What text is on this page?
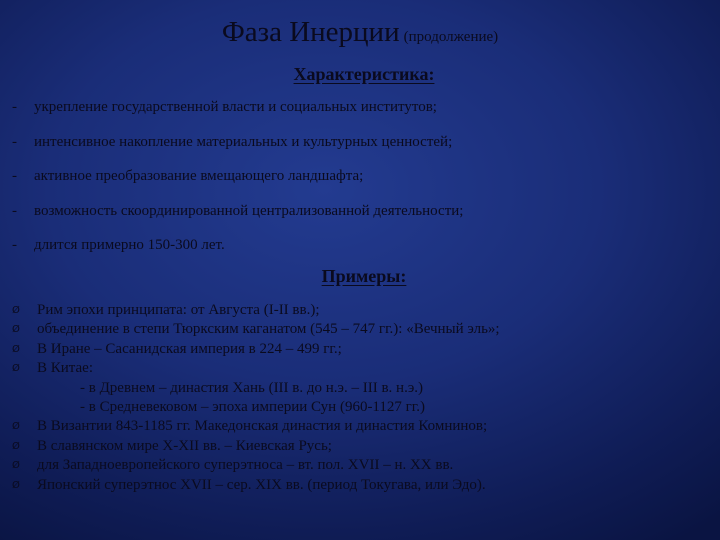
Фаза Инерции (продолжение)
Характеристика:
-	укрепление государственной власти и социальных институтов;
-	интенсивное накопление материальных и культурных ценностей;
-	активное преобразование вмещающего ландшафта;
-	возможность скоординированной централизованной деятельности;
-	длится примерно 150-300 лет.
Примеры:
Ø	Рим эпохи принципата: от Августа (I-II вв.);
Ø	объединение в степи Тюркским каганатом (545 – 747 гг.): «Вечный эль»;
Ø	В Иране – Сасанидская империя в 224 – 499 гг.;
Ø	В Китае:
- в Древнем – династия Хань (III в. до н.э. – III в. н.э.)
- в Средневековом – эпоха империи Сун (960-1127 гг.)
Ø	В Византии 843-1185 гг. Македонская династия и династия Комнинов;
Ø	В славянском мире X-XII вв. – Киевская Русь;
Ø	для Западноевропейского суперэтноса – вт. пол. XVII – н. XX вв.
Ø	Японский суперэтнос XVII – сер. XIX вв. (период Токугава, или Эдо).
